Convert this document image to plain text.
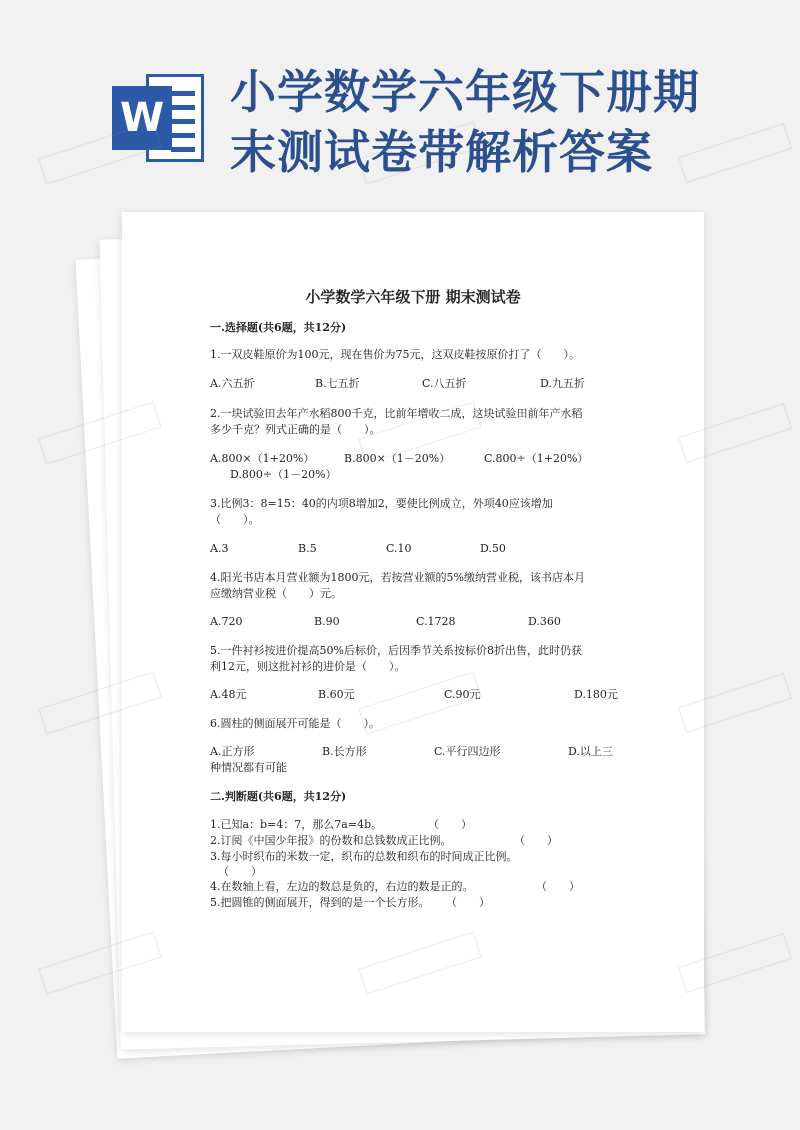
W 小学数学六年级下册期
末测试卷带解析答案
小学数学六年级下册 期末测试卷
一.选择题(共6题，共12分)
1.一双皮鞋原价为100元，现在售价为75元，这双皮鞋按原价打了（　　）。
A.六五折	B.七五折	C.八五折	D.九五折
2.一块试验田去年产水稻800千克，比前年增收二成，这块试验田前年产水稻
多少千克？列式正确的是（　　）。
A.800×（1+20%）	B.800×（1－20%）	C.800÷（1+20%）
D.800÷（1－20%）
3.比例3：8=15：40的内项8增加2，要使比例成立，外项40应该增加
（　　）。
A.3	B.5	C.10	D.50
4.阳光书店本月营业额为1800元，若按营业额的5%缴纳营业税，该书店本月
应缴纳营业税（　　）元。
A.720	B.90	C.1728	D.360
5.一件衬衫按进价提高50%后标价，后因季节关系按标价8折出售，此时仍获
利12元，则这批衬衫的进价是（　　）。
A.48元	B.60元	C.90元	D.180元
6.圆柱的侧面展开可能是（　　）。
A.正方形	B.长方形	C.平行四边形	D.以上三
种情况都有可能
二.判断题(共6题，共12分)
1.已知a：b=4：7，那么7a=4b。	（　　）
2.订阅《中国少年报》的份数和总钱数成正比例。	（　　）
3.每小时织布的米数一定，织布的总数和织布的时间成正比例。
（　　）
4.在数轴上看，左边的数总是负的，右边的数是正的。	（　　）
5.把圆锥的侧面展开，得到的是一个长方形。 （　　）
